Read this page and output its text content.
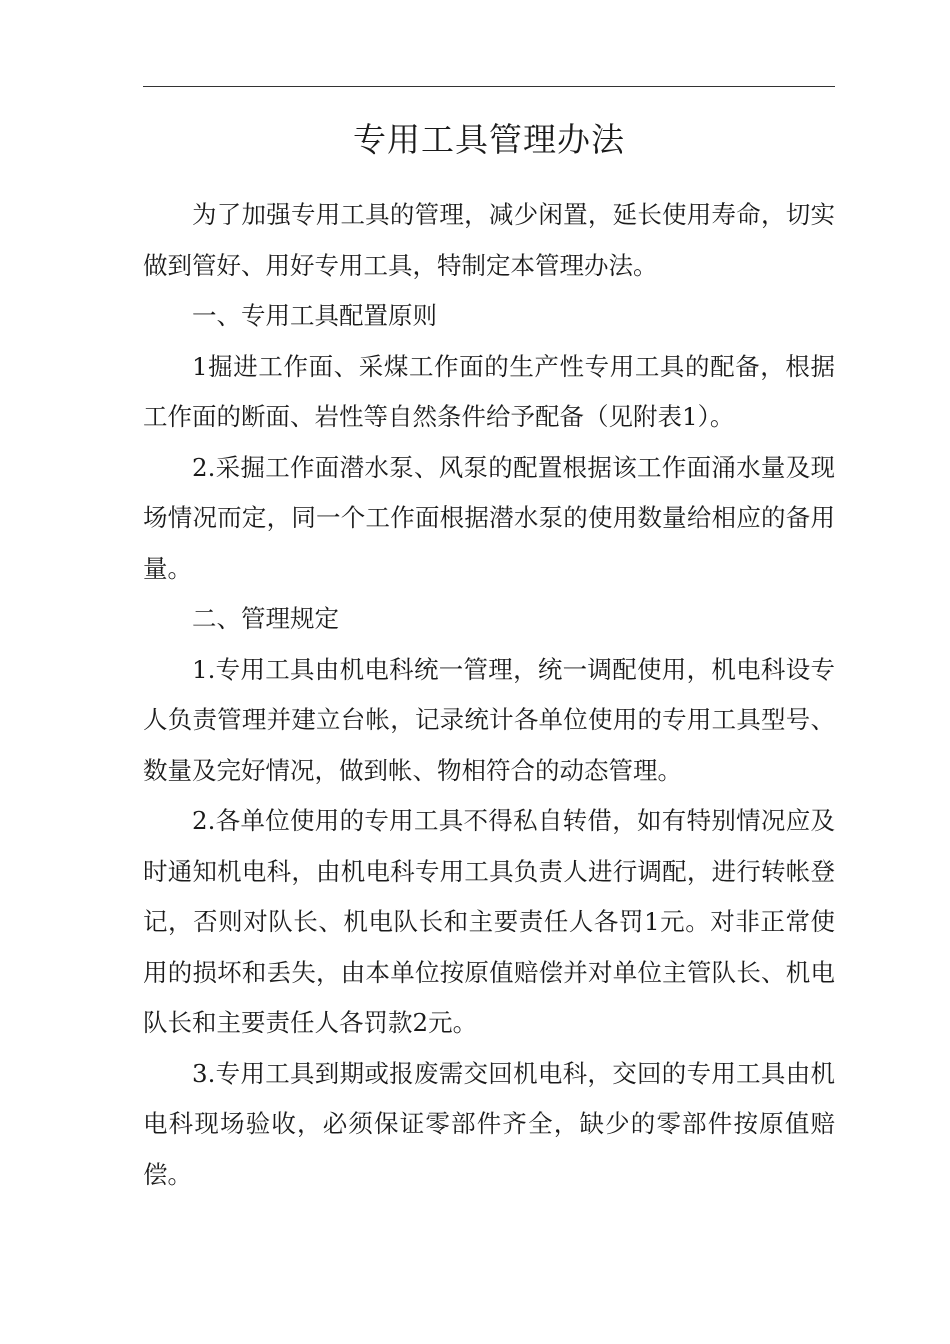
专用工具管理办法

为了加强专用工具的管理，减少闲置，延长使用寿命，切实做到管好、用好专用工具，特制定本管理办法。

一、专用工具配置原则

1掘进工作面、采煤工作面的生产性专用工具的配备，根据工作面的断面、岩性等自然条件给予配备（见附表1）。

2.采掘工作面潜水泵、风泵的配置根据该工作面涌水量及现场情况而定，同一个工作面根据潜水泵的使用数量给相应的备用量。

二、管理规定

1.专用工具由机电科统一管理，统一调配使用，机电科设专人负责管理并建立台帐，记录统计各单位使用的专用工具型号、数量及完好情况，做到帐、物相符合的动态管理。

2.各单位使用的专用工具不得私自转借，如有特别情况应及时通知机电科，由机电科专用工具负责人进行调配，进行转帐登记，否则对队长、机电队长和主要责任人各罚1元。对非正常使用的损坏和丢失，由本单位按原值赔偿并对单位主管队长、机电队长和主要责任人各罚款2元。

3.专用工具到期或报废需交回机电科，交回的专用工具由机电科现场验收，必须保证零部件齐全，缺少的零部件按原值赔偿。
